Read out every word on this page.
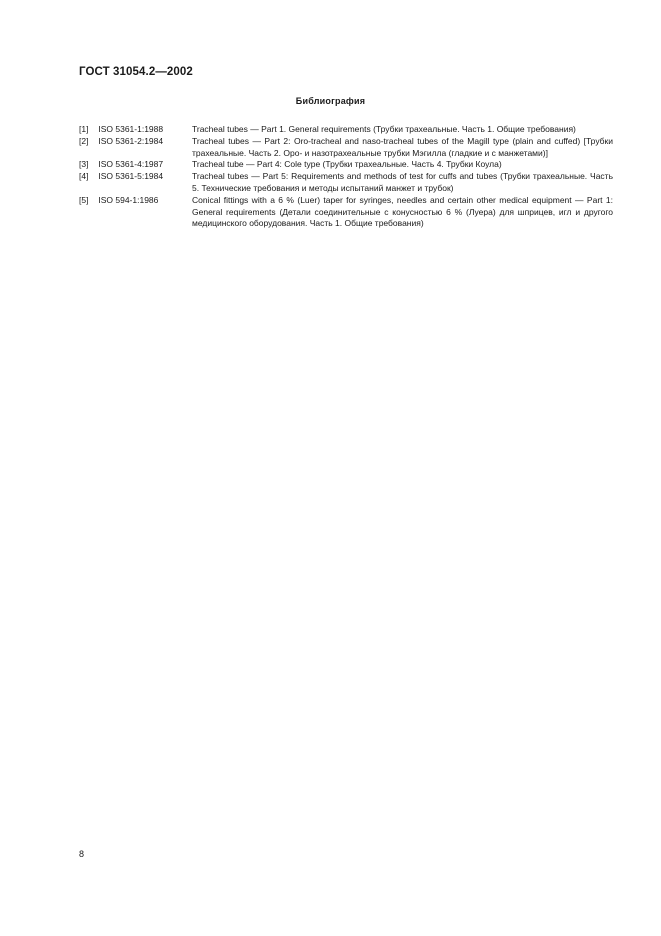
ГОСТ 31054.2—2002
Библиография
[1] ISO 5361-1:1988	Tracheal tubes — Part 1. General requirements (Трубки трахеальные. Часть 1. Общие требования)
[2] ISO 5361-2:1984	Tracheal tubes — Part 2: Oro-tracheal and naso-tracheal tubes of the Magill type (plain and cuffed) [Трубки трахеальные. Часть 2. Оро- и назотрахеальные трубки Мэгилла (гладкие и с манжетами)]
[3] ISO 5361-4:1987	Tracheal tube — Part 4: Cole type (Трубки трахеальные. Часть 4. Трубки Коула)
[4] ISO 5361-5:1984	Tracheal tubes — Part 5: Requirements and methods of test for cuffs and tubes (Трубки трахеальные. Часть 5. Технические требования и методы испытаний манжет и трубок)
[5] ISO 594-1:1986	Conical fittings with a 6 % (Luer) taper for syringes, needles and certain other medical equipment — Part 1: General requirements (Детали соединительные с конусностью 6 % (Луера) для шприцев, игл и другого медицинского оборудования. Часть 1. Общие требования)
8
